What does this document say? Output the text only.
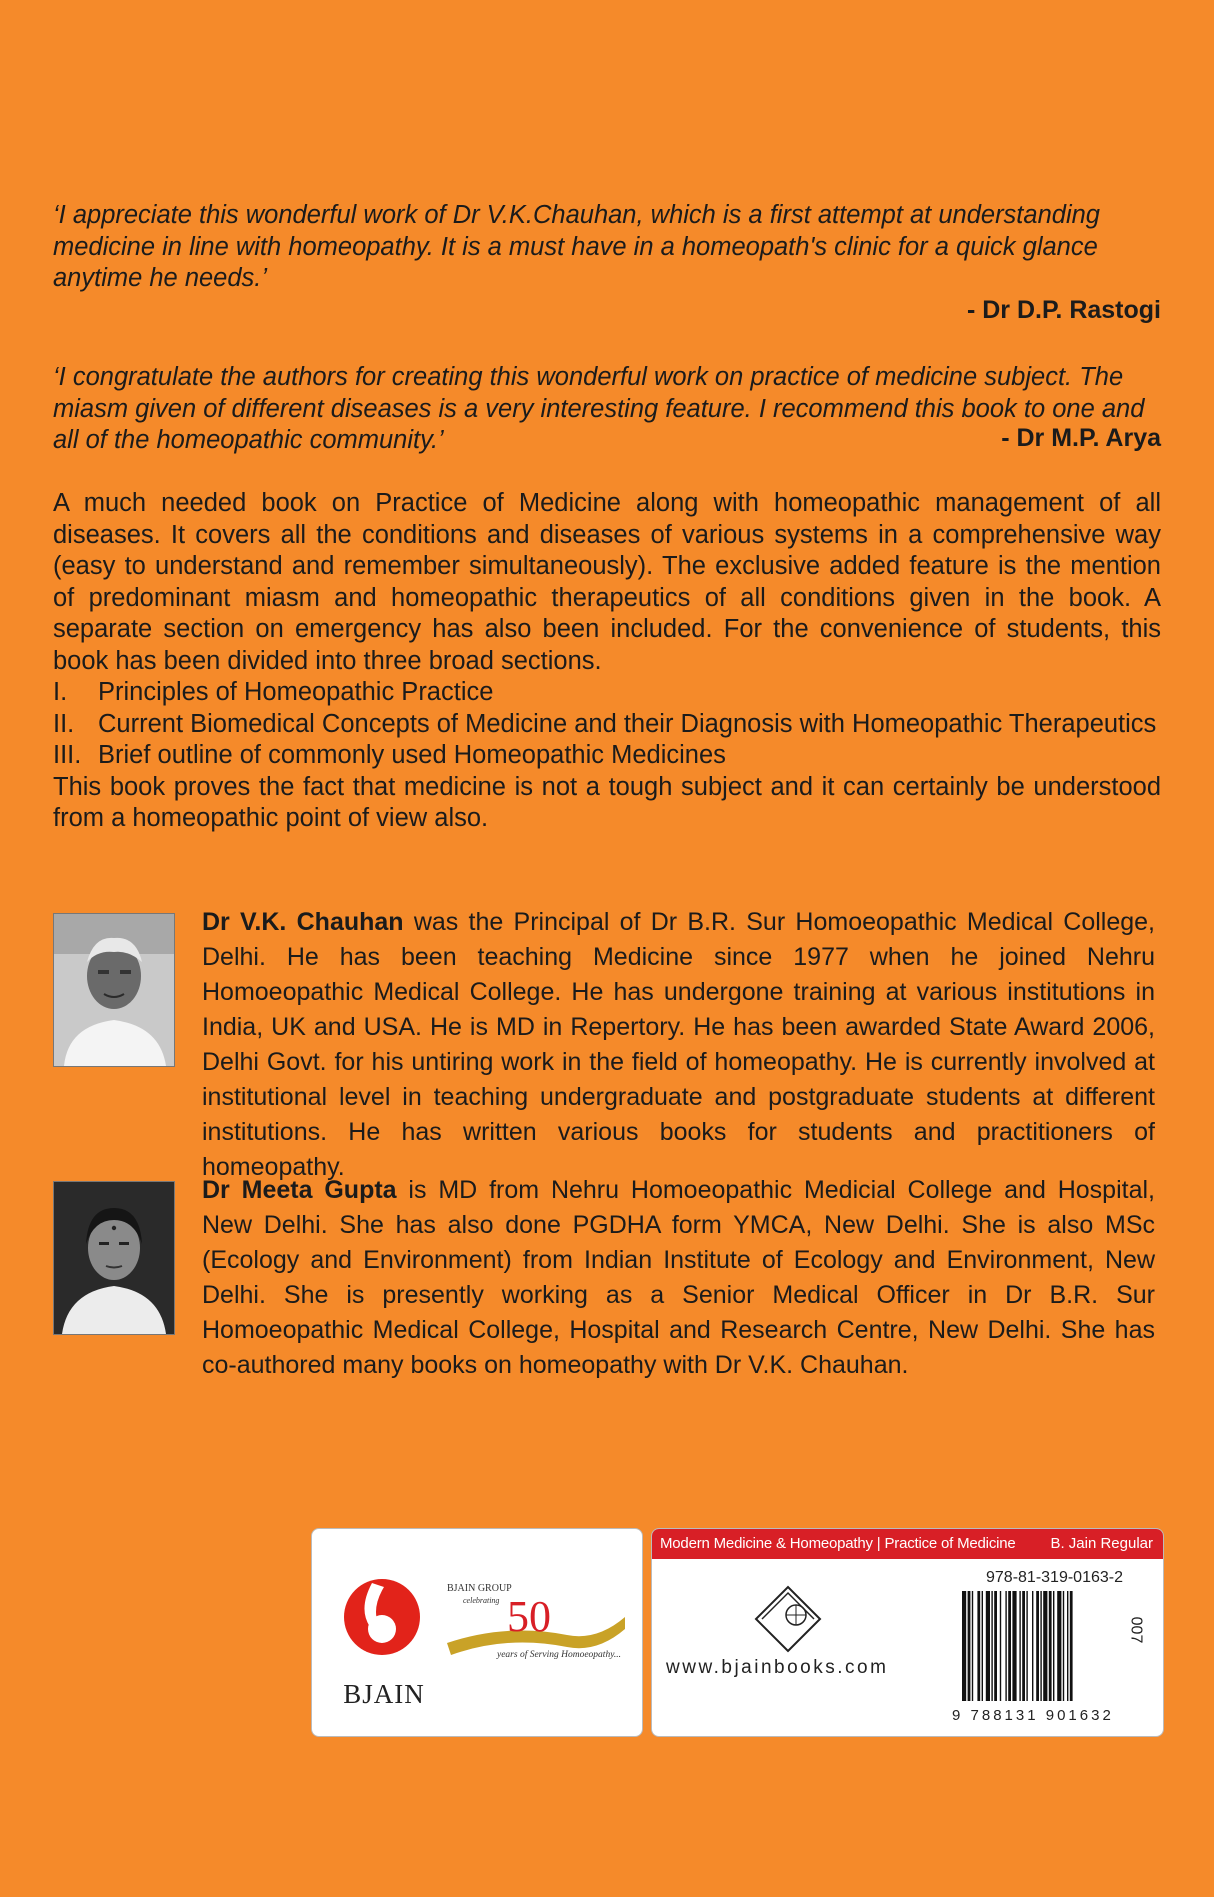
‘I appreciate this wonderful work of Dr V.K.Chauhan, which is a first attempt at understanding medicine in line with homeopathy. It is a must have in a homeopath's clinic for a quick glance anytime he needs.’
- Dr D.P. Rastogi
‘I congratulate the authors for creating this wonderful work on practice of medicine subject. The miasm given of different diseases is a very interesting feature. I recommend this book to one and all of the homeopathic community.’	- Dr M.P. Arya

A much needed book on Practice of Medicine along with homeopathic management of all diseases. It covers all the conditions and diseases of various systems in a comprehensive way (easy to understand and remember simultaneously). The exclusive added feature is the mention of predominant miasm and homeopathic therapeutics of all conditions given in the book. A separate section on emergency has also been included. For the convenience of students, this book has been divided into three broad sections.

I.	Principles of Homeopathic Practice
II. Current Biomedical Concepts of Medicine and their Diagnosis with Homeopathic Therapeutics
III. Brief outline of commonly used Homeopathic Medicines

This book proves the fact that medicine is not a tough subject and it can certainly be understood from a homeopathic point of view also.

Dr V.K. Chauhan was the Principal of Dr B.R. Sur Homoeopathic Medical College, Delhi. He has been teaching Medicine since 1977 when he joined Nehru Homoeopathic Medical College. He has undergone training at various institutions in India, UK and USA. He is MD in Repertory. He has been awarded State Award 2006, Delhi Govt. for his untiring work in the field of homeopathy. He is currently involved at institutional level in teaching undergraduate and postgraduate students at different institutions. He has written various books for students and practitioners of homeopathy.
Dr Meeta Gupta is MD from Nehru Homoeopathic Medicial College and Hospital, New Delhi. She has also done PGDHA form YMCA, New Delhi. She is also MSc (Ecology and Environment) from Indian Institute of Ecology and Environment, New Delhi. She is presently working as a Senior Medical Officer in Dr B.R. Sur Homoeopathic Medical College, Hospital and Research Centre, New Delhi. She has co-authored many books on homeopathy with Dr V.K. Chauhan.
BJAIN
BJAIN GROUP
celebrating 50
years of Serving Homoeopathy...
Modern Medicine & Homeopathy | Practice of Medicine B. Jain Regular
www.bjainbooks.com
978-81-319-0163-2
9 788131 901632
007
